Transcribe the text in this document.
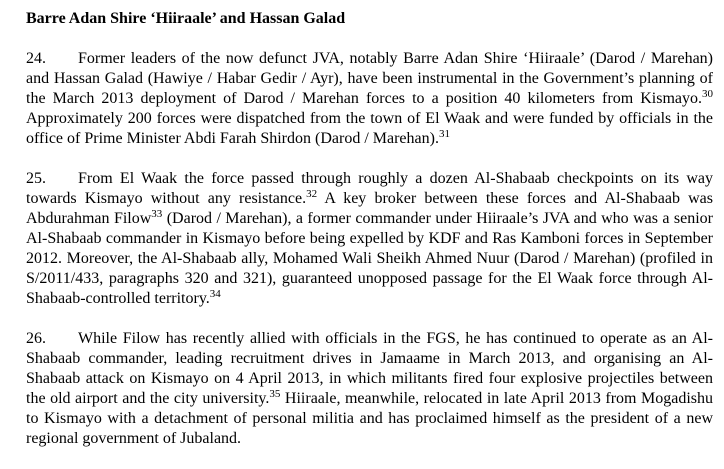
Barre Adan Shire ‘Hiiraale’ and Hassan Galad

24. Former leaders of the now defunct JVA, notably Barre Adan Shire ‘Hiiraale’ (Darod / Marehan) and Hassan Galad (Hawiye / Habar Gedir / Ayr), have been instrumental in the Government’s planning of the March 2013 deployment of Darod / Marehan forces to a position 40 kilometers from Kismayo.$^{30}$ Approximately 200 forces were dispatched from the town of El Waak and were funded by officials in the office of Prime Minister Abdi Farah Shirdon (Darod / Marehan).$^{31}$

25. From El Waak the force passed through roughly a dozen Al-Shabaab checkpoints on its way towards Kismayo without any resistance.$^{32}$ A key broker between these forces and Al-Shabaab was Abdurahman Filow$^{33}$ (Darod / Marehan), a former commander under Hiiraale’s JVA and who was a senior Al-Shabaab commander in Kismayo before being expelled by KDF and Ras Kamboni forces in September 2012. Moreover, the Al-Shabaab ally, Mohamed Wali Sheikh Ahmed Nuur (Darod / Marehan) (profiled in S/2011/433, paragraphs 320 and 321), guaranteed unopposed passage for the El Waak force through Al-Shabaab-controlled territory.$^{34}$

26. While Filow has recently allied with officials in the FGS, he has continued to operate as an Al-Shabaab commander, leading recruitment drives in Jamaame in March 2013, and organising an Al-Shabaab attack on Kismayo on 4 April 2013, in which militants fired four explosive projectiles between the old airport and the city university.$^{35}$ Hiiraale, meanwhile, relocated in late April 2013 from Mogadishu to Kismayo with a detachment of personal militia and has proclaimed himself as the president of a new regional government of Jubaland.
